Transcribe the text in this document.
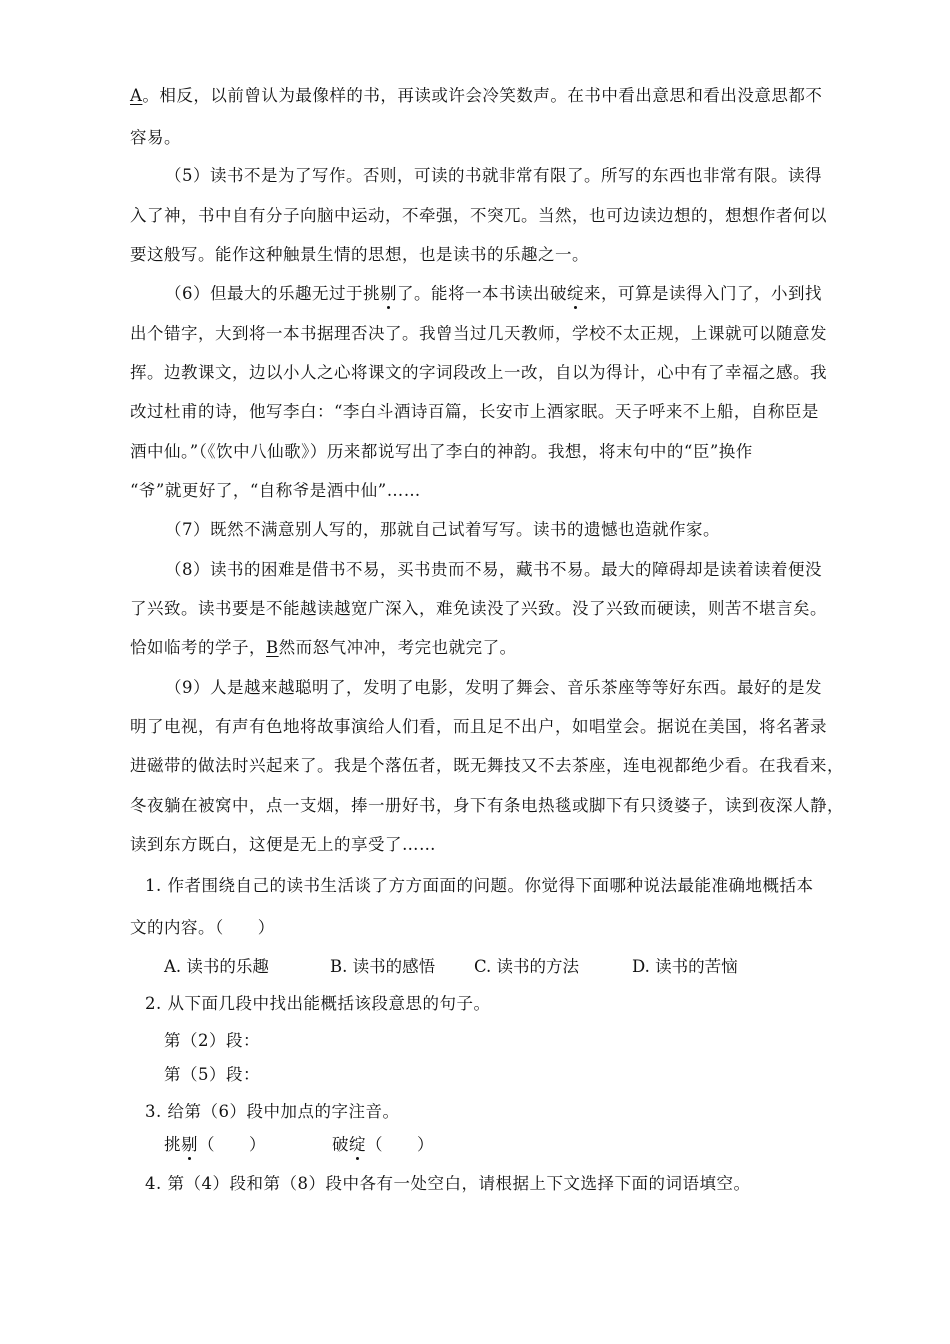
A。相反，以前曾认为最像样的书，再读或许会冷笑数声。在书中看出意思和看出没意思都不
容易。
（5）读书不是为了写作。否则，可读的书就非常有限了。所写的东西也非常有限。读得
入了神，书中自有分子向脑中运动，不牵强，不突兀。当然，也可边读边想的，想想作者何以
要这般写。能作这种触景生情的思想，也是读书的乐趣之一。
（6）但最大的乐趣无过于挑剔了。能将一本书读出破绽来，可算是读得入门了，小到找
出个错字，大到将一本书据理否决了。我曾当过几天教师，学校不太正规，上课就可以随意发
挥。边教课文，边以小人之心将课文的字词段改上一改，自以为得计，心中有了幸福之感。我
改过杜甫的诗，他写李白：“李白斗酒诗百篇，长安市上酒家眠。天子呼来不上船，自称臣是
酒中仙。”（《饮中八仙歌》）历来都说写出了李白的神韵。我想，将末句中的“臣”换作
“爷”就更好了，“自称爷是酒中仙”……
（7）既然不满意别人写的，那就自己试着写写。读书的遗憾也造就作家。
（8）读书的困难是借书不易，买书贵而不易，藏书不易。最大的障碍却是读着读着便没
了兴致。读书要是不能越读越宽广深入，难免读没了兴致。没了兴致而硬读，则苦不堪言矣。
恰如临考的学子，B然而怒气冲冲，考完也就完了。
（9）人是越来越聪明了，发明了电影，发明了舞会、音乐茶座等等好东西。最好的是发
明了电视，有声有色地将故事演给人们看，而且足不出户，如唱堂会。据说在美国，将名著录
进磁带的做法时兴起来了。我是个落伍者，既无舞技又不去茶座，连电视都绝少看。在我看来，
冬夜躺在被窝中，点一支烟，捧一册好书，身下有条电热毯或脚下有只烫婆子，读到夜深人静，
读到东方既白，这便是无上的享受了……
1. 作者围绕自己的读书生活谈了方方面面的问题。你觉得下面哪种说法最能准确地概括本
文的内容。（　　）
A. 读书的乐趣	B. 读书的感悟 C. 读书的方法	D. 读书的苦恼
2. 从下面几段中找出能概括该段意思的句子。
第（2）段：
第（5）段：
3. 给第（6）段中加点的字注音。
挑剔（　　）	破绽（　　）
4. 第（4）段和第（8）段中各有一处空白，请根据上下文选择下面的词语填空。
